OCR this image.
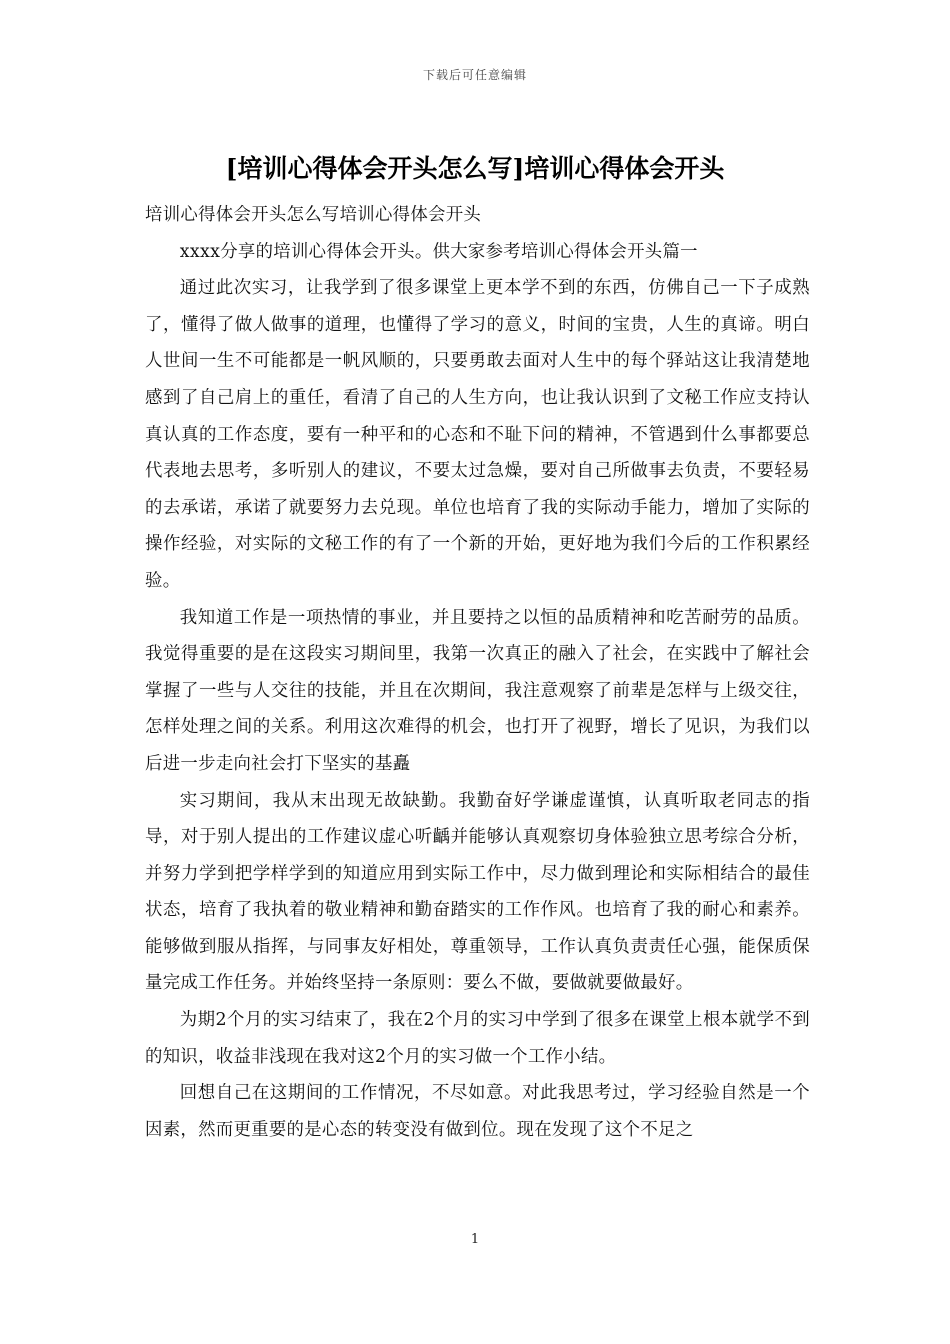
下载后可任意编辑
[培训心得体会开头怎么写]培训心得体会开头

培训心得体会开头怎么写培训心得体会开头

xxxx分享的培训心得体会开头。供大家参考培训心得体会开头篇一

通过此次实习，让我学到了很多课堂上更本学不到的东西，仿佛自己一下子成熟了，懂得了做人做事的道理，也懂得了学习的意义，时间的宝贵，人生的真谛。明白人世间一生不可能都是一帆风顺的，只要勇敢去面对人生中的每个驿站这让我清楚地感到了自己肩上的重任，看清了自己的人生方向，也让我认识到了文秘工作应支持认真认真的工作态度，要有一种平和的心态和不耻下问的精神，不管遇到什么事都要总代表地去思考，多听别人的建议，不要太过急燥，要对自己所做事去负责，不要轻易的去承诺，承诺了就要努力去兑现。单位也培育了我的实际动手能力，增加了实际的操作经验，对实际的文秘工作的有了一个新的开始，更好地为我们今后的工作积累经验。

我知道工作是一项热情的事业，并且要持之以恒的品质精神和吃苦耐劳的品质。我觉得重要的是在这段实习期间里，我第一次真正的融入了社会，在实践中了解社会掌握了一些与人交往的技能，并且在次期间，我注意观察了前辈是怎样与上级交往，怎样处理之间的关系。利用这次难得的机会，也打开了视野，增长了见识，为我们以后进一步走向社会打下坚实的基矗

实习期间，我从末出现无故缺勤。我勤奋好学谦虚谨慎，认真听取老同志的指导，对于别人提出的工作建议虚心听齲并能够认真观察切身体验独立思考综合分析，并努力学到把学样学到的知道应用到实际工作中，尽力做到理论和实际相结合的最佳状态，培育了我执着的敬业精神和勤奋踏实的工作作风。也培育了我的耐心和素养。能够做到服从指挥，与同事友好相处，尊重领导，工作认真负责责任心强，能保质保量完成工作任务。并始终坚持一条原则：要么不做，要做就要做最好。

为期2个月的实习结束了，我在2个月的实习中学到了很多在课堂上根本就学不到的知识，收益非浅现在我对这2个月的实习做一个工作小结。

回想自己在这期间的工作情况，不尽如意。对此我思考过，学习经验自然是一个因素，然而更重要的是心态的转变没有做到位。现在发现了这个不足之

1
